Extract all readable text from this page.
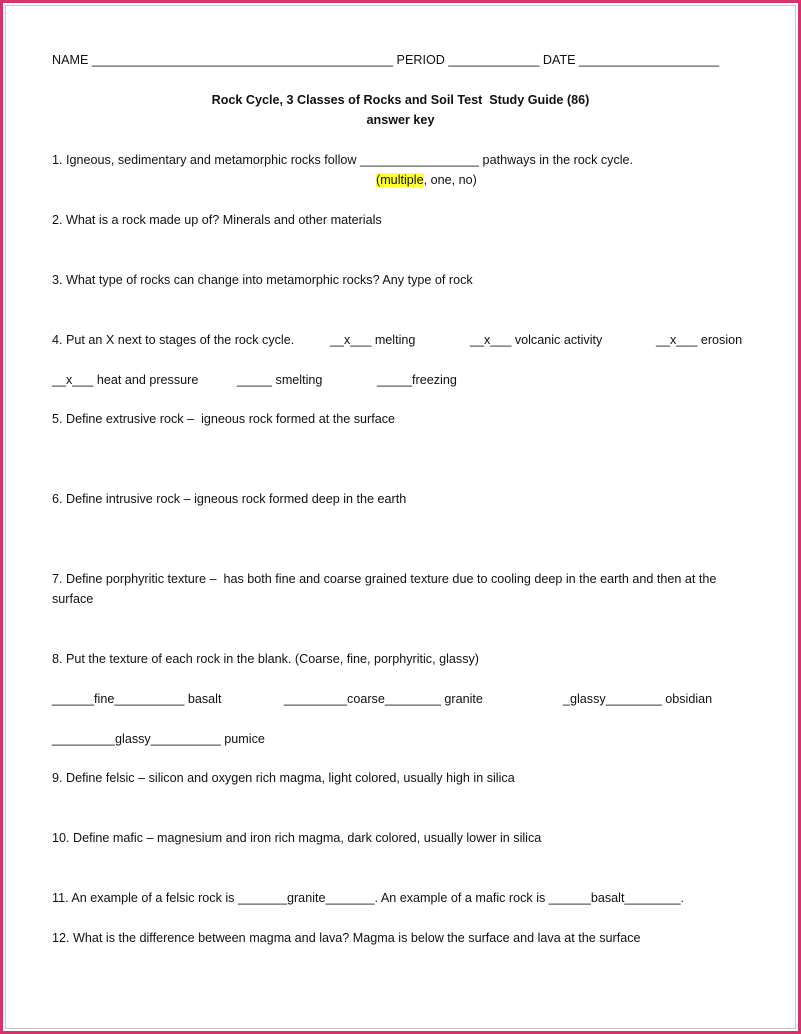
NAME ___________________________________________ PERIOD _____________ DATE ____________________
Rock Cycle, 3 Classes of Rocks and Soil Test  Study Guide (86)
answer key
1. Igneous, sedimentary and metamorphic rocks follow _________________ pathways in the rock cycle.
(multiple, one, no)
2. What is a rock made up of? Minerals and other materials
3. What type of rocks can change into metamorphic rocks? Any type of rock
4. Put an X next to stages of the rock cycle.	__x___ melting	__x___ volcanic activity	__x___ erosion
__x___ heat and pressure	_____ smelting	_____freezing
5. Define extrusive rock –  igneous rock formed at the surface
6. Define intrusive rock – igneous rock formed deep in the earth
7. Define porphyritic texture –  has both fine and coarse grained texture due to cooling deep in the earth and then at the
surface
8. Put the texture of each rock in the blank. (Coarse, fine, porphyritic, glassy)
______fine__________ basalt	_________coarse________ granite	_glassy________ obsidian
_________glassy__________ pumice
9. Define felsic – silicon and oxygen rich magma, light colored, usually high in silica
10. Define mafic – magnesium and iron rich magma, dark colored, usually lower in silica
11. An example of a felsic rock is _______granite_______. An example of a mafic rock is ______basalt________.
12. What is the difference between magma and lava? Magma is below the surface and lava at the surface
